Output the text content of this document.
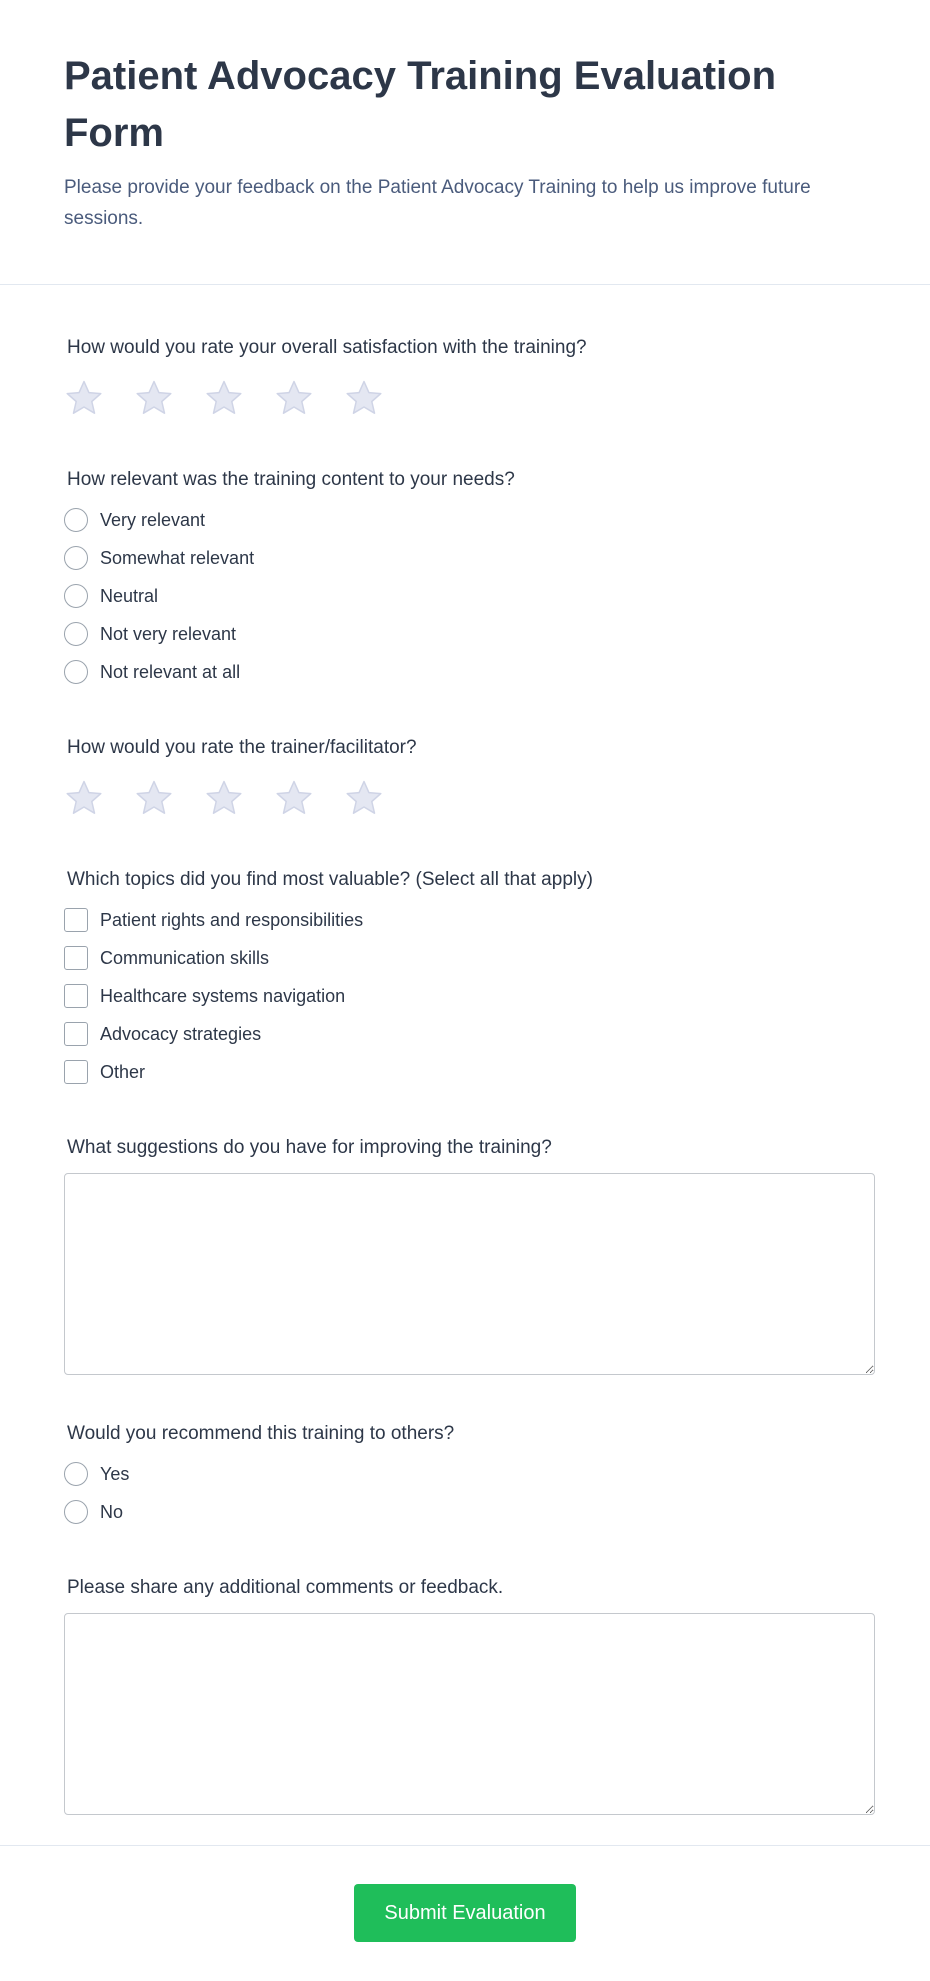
Patient Advocacy Training Evaluation Form

Please provide your feedback on the Patient Advocacy Training to help us improve future sessions.

How would you rate your overall satisfaction with the training?
How relevant was the training content to your needs?
Very relevant
Somewhat relevant
Neutral
Not very relevant
Not relevant at all
How would you rate the trainer/facilitator?
Which topics did you find most valuable? (Select all that apply)
Patient rights and responsibilities
Communication skills
Healthcare systems navigation
Advocacy strategies
Other
What suggestions do you have for improving the training?
Would you recommend this training to others?
Yes
No
Please share any additional comments or feedback.
Submit Evaluation
